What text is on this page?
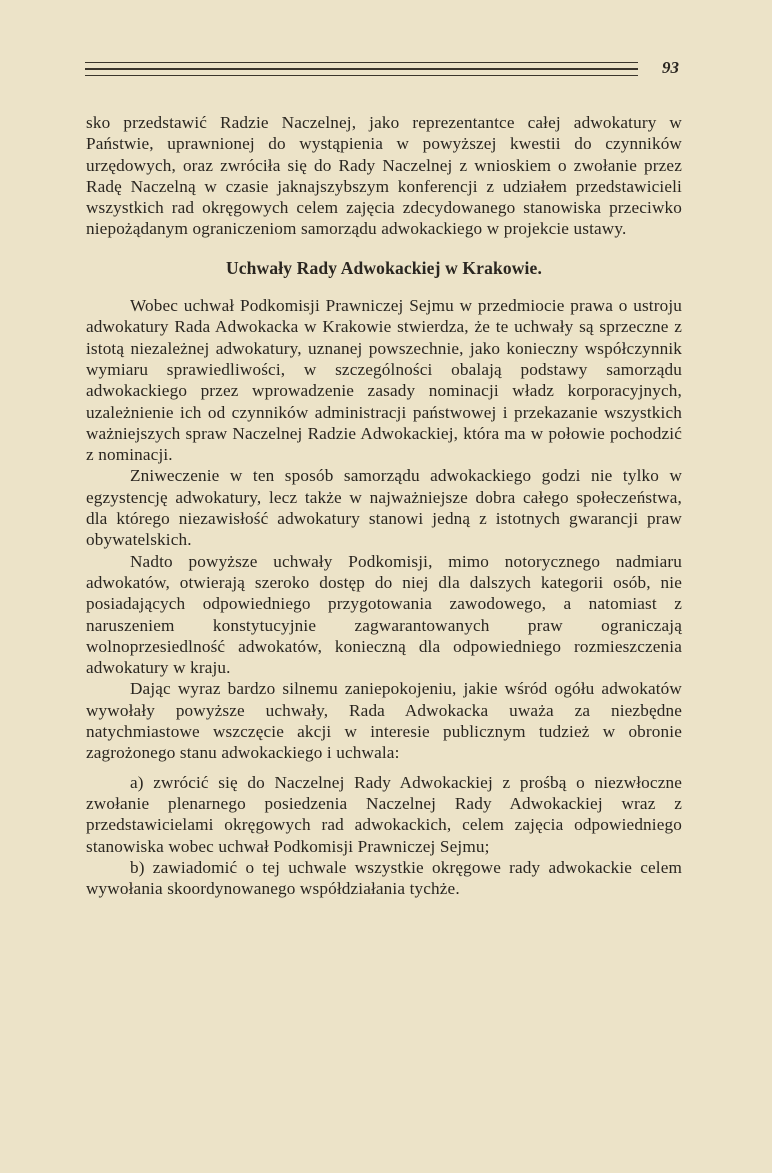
93

sko przedstawić Radzie Naczelnej, jako reprezentantce całej adwokatury w Państwie, uprawnionej do wystąpienia w powyższej kwestii do czynników urzędowych, oraz zwróciła się do Rady Naczelnej z wnioskiem o zwołanie przez Radę Naczelną w czasie jaknajszybszym konferencji z udziałem przedstawicieli wszystkich rad okręgowych celem zajęcia zdecydowanego stanowiska przeciwko niepożądanym ograniczeniom samorządu adwokackiego w projekcie ustawy.

Uchwały Rady Adwokackiej w Krakowie.

Wobec uchwał Podkomisji Prawniczej Sejmu w przedmiocie prawa o ustroju adwokatury Rada Adwokacka w Krakowie stwierdza, że te uchwały są sprzeczne z istotą niezależnej adwokatury, uznanej powszechnie, jako konieczny współczynnik wymiaru sprawiedliwości, w szczególności obalają podstawy samorządu adwokackiego przez wprowadzenie zasady nominacji władz korporacyjnych, uzależnienie ich od czynników administracji państwowej i przekazanie wszystkich ważniejszych spraw Naczelnej Radzie Adwokackiej, która ma w połowie pochodzić z nominacji.

Zniweczenie w ten sposób samorządu adwokackiego godzi nie tylko w egzystencję adwokatury, lecz także w najważniejsze dobra całego społeczeństwa, dla którego niezawisłość adwokatury stanowi jedną z istotnych gwarancji praw obywatelskich.

Nadto powyższe uchwały Podkomisji, mimo notorycznego nadmiaru adwokatów, otwierają szeroko dostęp do niej dla dalszych kategorii osób, nie posiadających odpowiedniego przygotowania zawodowego, a natomiast z naruszeniem konstytucyjnie zagwarantowanych praw ograniczają wolnoprzesiedlność adwokatów, konieczną dla odpowiedniego rozmieszczenia adwokatury w kraju.

Dając wyraz bardzo silnemu zaniepokojeniu, jakie wśród ogółu adwokatów wywołały powyższe uchwały, Rada Adwokacka uważa za niezbędne natychmiastowe wszczęcie akcji w interesie publicznym tudzież w obronie zagrożonego stanu adwokackiego i uchwala:

a) zwrócić się do Naczelnej Rady Adwokackiej z prośbą o niezwłoczne zwołanie plenarnego posiedzenia Naczelnej Rady Adwokackiej wraz z przedstawicielami okręgowych rad adwokackich, celem zajęcia odpowiedniego stanowiska wobec uchwał Podkomisji Prawniczej Sejmu;

b) zawiadomić o tej uchwale wszystkie okręgowe rady adwokackie celem wywołania skoordynowanego współdziałania tychże.
